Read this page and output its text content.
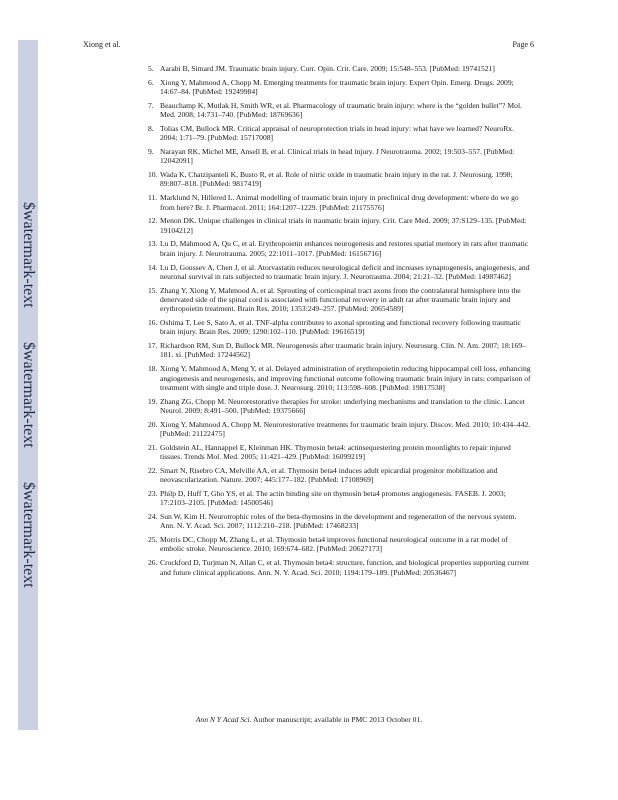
$watermark-text
$watermark-text
$watermark-text
Xiong et al.	Page 6
5. Aarabi B, Simard JM. Traumatic brain injury. Curr. Opin. Crit. Care. 2009; 15:548–553. [PubMed: 19741521]
6. Xiong Y, Mahmood A, Chopp M. Emerging treatments for traumatic brain injury. Expert Opin. Emerg. Drugs. 2009; 14:67–84. [PubMed: 19249984]
7. Beauchamp K, Mutlak H, Smith WR, et al. Pharmacology of traumatic brain injury: where is the “golden bullet”? Mol. Med. 2008; 14:731–740. [PubMed: 18769636]
8. Tolias CM, Bullock MR. Critical appraisal of neuroprotection trials in head injury: what have we learned? NeuroRx. 2004; 1:71–79. [PubMed: 15717008]
9. Narayan RK, Michel ME, Ansell B, et al. Clinical trials in head injury. J Neurotrauma. 2002; 19:503–557. [PubMed: 12042091]
10. Wada K, Chatzipanteli K, Busto R, et al. Role of nitric oxide in traumatic brain injury in the rat. J. Neurosurg. 1998; 89:807–818. [PubMed: 9817419]
11. Marklund N, Hillered L. Animal modelling of traumatic brain injury in preclinical drug development: where do we go from here? Br. J. Pharmacol. 2011; 164:1207–1229. [PubMed: 21175576]
12. Menon DK. Unique challenges in clinical trials in traumatic brain injury. Crit. Care Med. 2009; 37:S129–135. [PubMed: 19104212]
13. Lu D, Mahmood A, Qu C, et al. Erythropoietin enhances neurogenesis and restores spatial memory in rats after traumatic brain injury. J. Neurotrauma. 2005; 22:1011–1017. [PubMed: 16156716]
14. Lu D, Goussev A, Chen J, et al. Atorvastatin reduces neurological deficit and increases synaptogenesis, angiogenesis, and neuronal survival in rats subjected to traumatic brain injury. J. Neurotrauma. 2004; 21:21–32. [PubMed: 14987462]
15. Zhang Y, Xiong Y, Mahmood A, et al. Sprouting of corticospinal tract axons from the contralateral hemisphere into the denervated side of the spinal cord is associated with functional recovery in adult rat after traumatic brain injury and erythropoietin treatment. Brain Res. 2010; 1353:249–257. [PubMed: 20654589]
16. Oshima T, Lee S, Sato A, et al. TNF-alpha contributes to axonal sprouting and functional recovery following traumatic brain injury. Brain Res. 2009; 1290:102–110. [PubMed: 19616519]
17. Richardson RM, Sun D, Bullock MR. Neurogenesis after traumatic brain injury. Neurosurg. Clin. N. Am. 2007; 18:169–181. xi. [PubMed: 17244562]
18. Xiong Y, Mahmood A, Meng Y, et al. Delayed administration of erythropoietin reducing hippocampal cell loss, enhancing angiogenesis and neurogenesis, and improving functional outcome following traumatic brain injury in rats: comparison of treatment with single and triple dose. J. Neurosurg. 2010; 113:598–608. [PubMed: 19817538]
19. Zhang ZG, Chopp M. Neurorestorative therapies for stroke: underlying mechanisms and translation to the clinic. Lancet Neurol. 2009; 8:491–500. [PubMed: 19375666]
20. Xiong Y, Mahmood A, Chopp M. Neurorestorative treatments for traumatic brain injury. Discov. Med. 2010; 10:434–442. [PubMed: 21122475]
21. Goldstein AL, Hannappel E, Kleinman HK. Thymosin beta4: actinsequestering protein moonlights to repair injured tissues. Trends Mol. Med. 2005; 11:421–429. [PubMed: 16099219]
22. Smart N, Risebro CA, Melville AA, et al. Thymosin beta4 induces adult epicardial progenitor mobilization and neovascularization. Nature. 2007; 445:177–182. [PubMed: 17108969]
23. Philp D, Huff T, Gho YS, et al. The actin binding site on thymosin beta4 promotes angiogenesis. FASEB. J. 2003; 17:2103–2105. [PubMed: 14500546]
24. Sun W, Kim H. Neurotrophic roles of the beta-thymosins in the development and regeneration of the nervous system. Ann. N. Y. Acad. Sci. 2007; 1112:210–218. [PubMed: 17468233]
25. Morris DC, Chopp M, Zhang L, et al. Thymosin beta4 improves functional neurological outcome in a rat model of embolic stroke. Neuroscience. 2010; 169:674–682. [PubMed: 20627173]
26. Crockford D, Turjman N, Allan C, et al. Thymosin beta4: structure, function, and biological properties supporting current and future clinical applications. Ann. N. Y. Acad. Sci. 2010; 1194:179–189. [PubMed: 20536467]
Ann N Y Acad Sci. Author manuscript; available in PMC 2013 October 01.
